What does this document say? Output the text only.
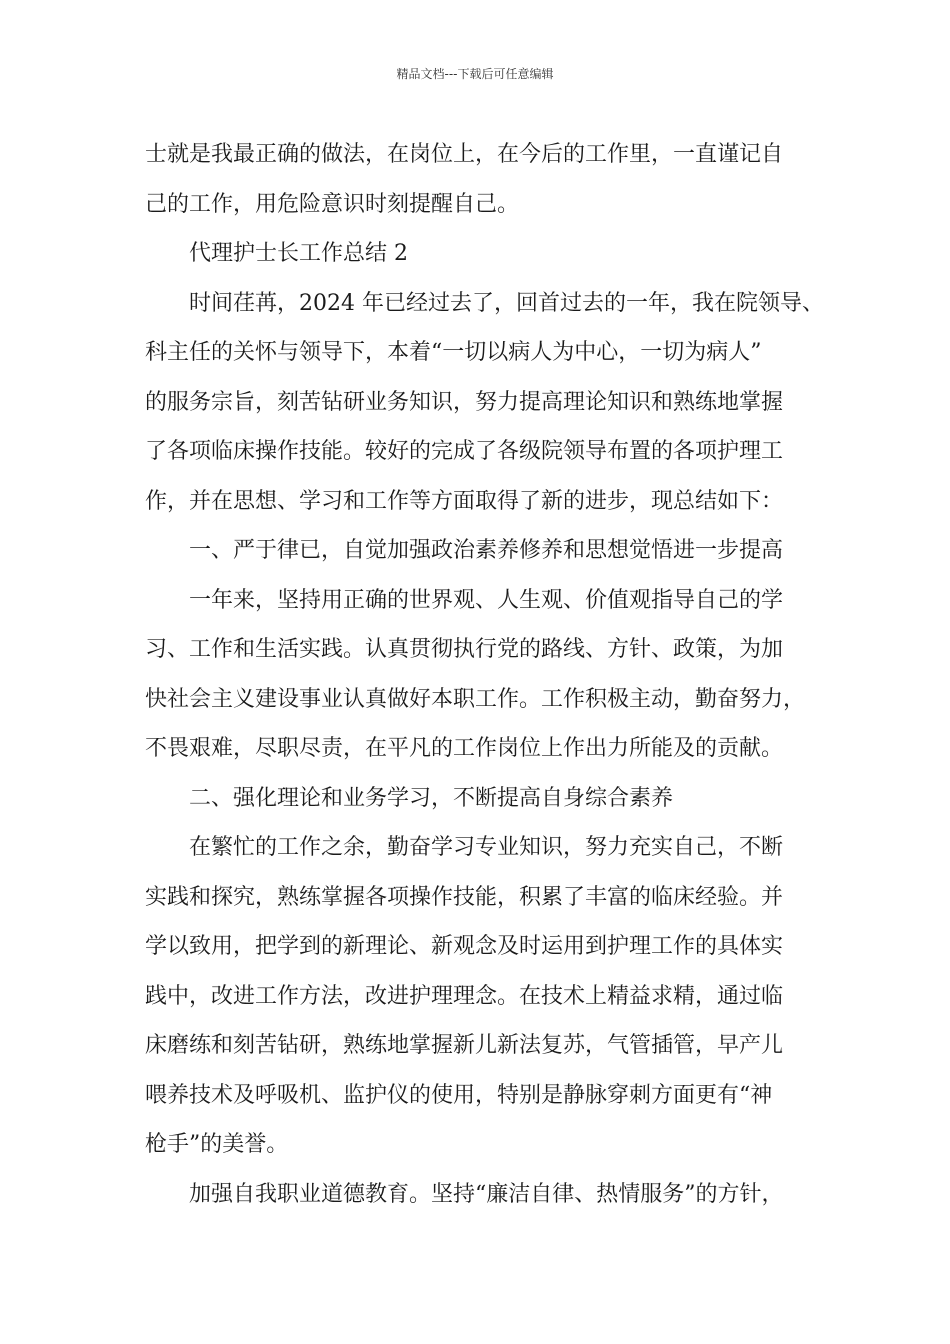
精品文档---下载后可任意编辑
士就是我最正确的做法，在岗位上，在今后的工作里，一直谨记自
己的工作，用危险意识时刻提醒自己。
代理护士长工作总结 2
时间荏苒，2024 年已经过去了，回首过去的一年，我在院领导、
科主任的关怀与领导下，本着“一切以病人为中心，一切为病人”
的服务宗旨，刻苦钻研业务知识，努力提高理论知识和熟练地掌握
了各项临床操作技能。较好的完成了各级院领导布置的各项护理工
作，并在思想、学习和工作等方面取得了新的进步，现总结如下：
一、严于律已，自觉加强政治素养修养和思想觉悟进一步提高
一年来，坚持用正确的世界观、人生观、价值观指导自己的学
习、工作和生活实践。认真贯彻执行党的路线、方针、政策，为加
快社会主义建设事业认真做好本职工作。工作积极主动，勤奋努力，
不畏艰难，尽职尽责，在平凡的工作岗位上作出力所能及的贡献。
二、强化理论和业务学习，不断提高自身综合素养
在繁忙的工作之余，勤奋学习专业知识，努力充实自己，不断
实践和探究，熟练掌握各项操作技能，积累了丰富的临床经验。并
学以致用，把学到的新理论、新观念及时运用到护理工作的具体实
践中，改进工作方法，改进护理理念。在技术上精益求精，通过临
床磨练和刻苦钻研，熟练地掌握新儿新法复苏，气管插管，早产儿
喂养技术及呼吸机、监护仪的使用，特别是静脉穿刺方面更有“神
枪手”的美誉。
加强自我职业道德教育。坚持“廉洁自律、热情服务”的方针，
